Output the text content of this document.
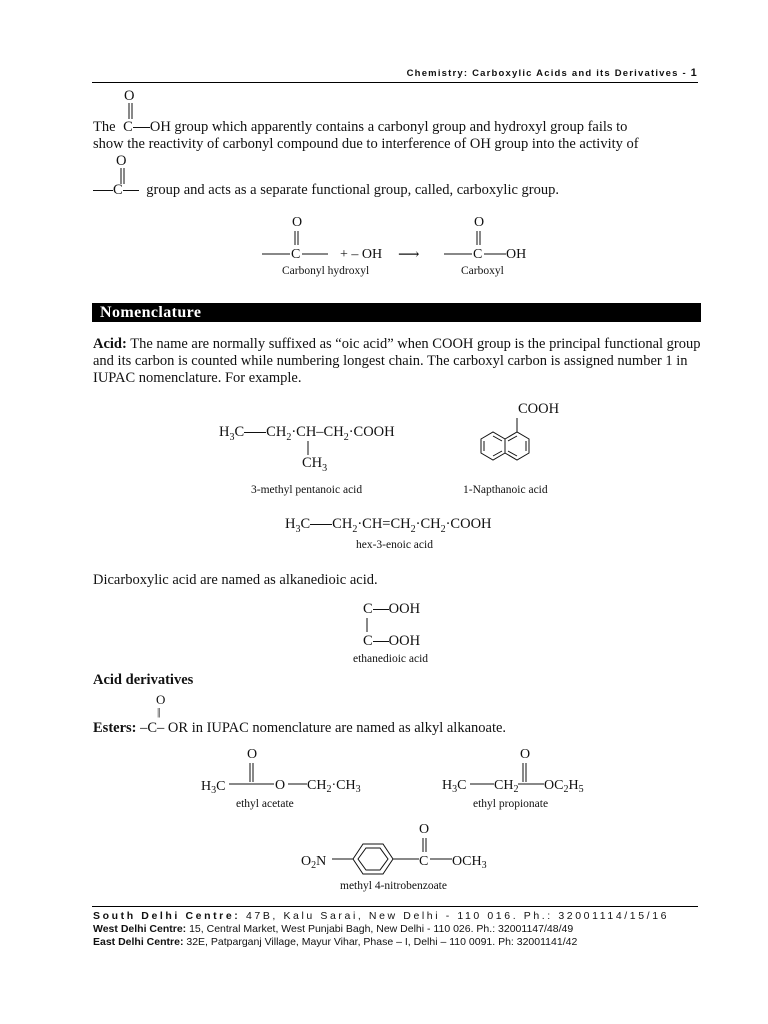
Chemistry: Carboxylic Acids and its Derivatives - 1
O
The C OH group which apparently contains a carbonyl group and hydroxyl group fails to
show the reactivity of carbonyl compound due to interference of OH group into the activity of
O
C group and acts as a separate functional group, called, carboxylic group.
O
C	+ – OH ⟶
O
C OH
Carbonyl hydroxyl	Carboxyl
Nomenclature
Acid: The name are normally suffixed as “oic acid” when COOH group is the principal functional group and its carbon is counted while numbering longest chain. The carboxyl carbon is assigned number 1 in IUPAC nomenclature. For example.
$H_3C$ $CH_2\cdot CH-CH_2\cdot COOH$
$CH_3$
3-methyl pentanoic acid
COOH
1-Napthanoic acid
$H_3C$ $CH_2\cdot CH=CH_2\cdot CH_2\cdot COOH$
hex-3-enoic acid
Dicarboxylic acid are named as alkanedioic acid.
C OOH
C OOH
ethanedioic acid
Acid derivatives
O
||
Esters: –C– OR in IUPAC nomenclature are named as alkyl alkanoate.
O
$H_3C$	O $CH_2\cdot CH_3$
ethyl acetate
O
$H_3C$ $CH_2$ $OC_2H_5$
ethyl propionate
$O_2N$
O
C $OCH_3$
methyl 4-nitrobenzoate
South Delhi Centre: 47B, Kalu Sarai, New Delhi - 110 016. Ph.: 32001114/15/16
West Delhi Centre: 15, Central Market, West Punjabi Bagh, New Delhi - 110 026. Ph.: 32001147/48/49
East Delhi Centre: 32E, Patparganj Village, Mayur Vihar, Phase – I, Delhi – 110 0091. Ph: 32001141/42
